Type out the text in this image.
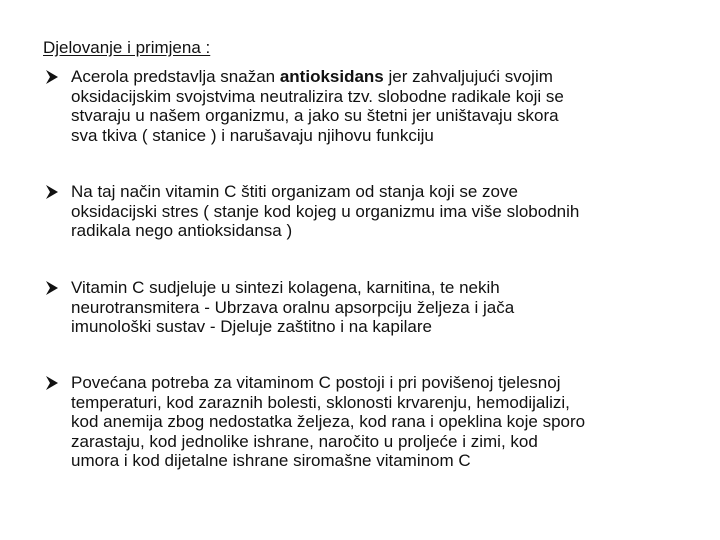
Djelovanje i primjena :
Acerola predstavlja snažan antioksidans jer zahvaljujući svojim
oksidacijskim svojstvima neutralizira tzv. slobodne radikale koji se
stvaraju u našem organizmu, a jako su štetni jer uništavaju skora
sva tkiva ( stanice ) i narušavaju njihovu funkciju
Na taj način vitamin C štiti organizam od stanja koji se zove
oksidacijski stres ( stanje kod kojeg u organizmu ima više slobodnih
radikala nego antioksidansa )
Vitamin C sudjeluje u sintezi kolagena, karnitina, te nekih
neurotransmitera - Ubrzava oralnu apsorpciju željeza i jača
imunološki sustav - Djeluje zaštitno i na kapilare
Povećana potreba za vitaminom C postoji i pri povišenoj tjelesnoj
temperaturi, kod zaraznih bolesti, sklonosti krvarenju, hemodijalizi,
kod anemija zbog nedostatka željeza, kod rana i opeklina koje sporo
zarastaju, kod jednolike ishrane, naročito u proljeće i zimi, kod
umora i kod dijetalne ishrane siromašne vitaminom C
